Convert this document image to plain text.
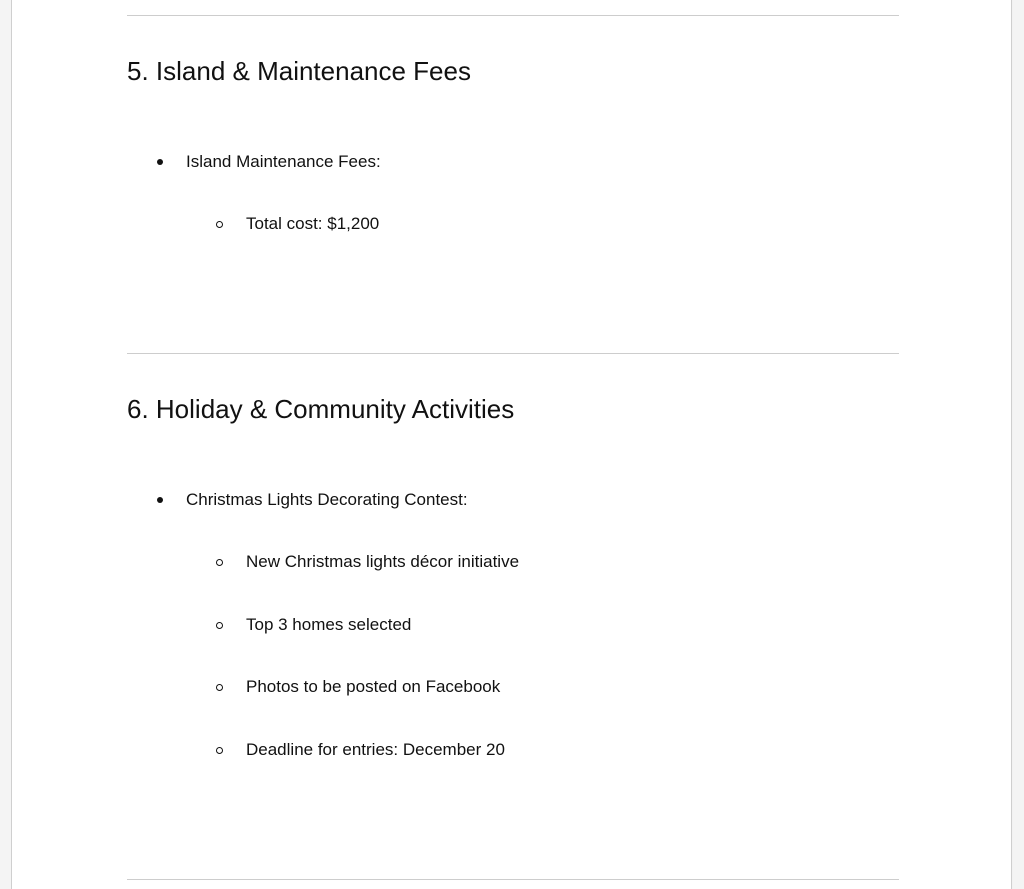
5. Island & Maintenance Fees
Island Maintenance Fees:
Total cost: $1,200
6. Holiday & Community Activities
Christmas Lights Decorating Contest:
New Christmas lights décor initiative
Top 3 homes selected
Photos to be posted on Facebook
Deadline for entries: December 20
